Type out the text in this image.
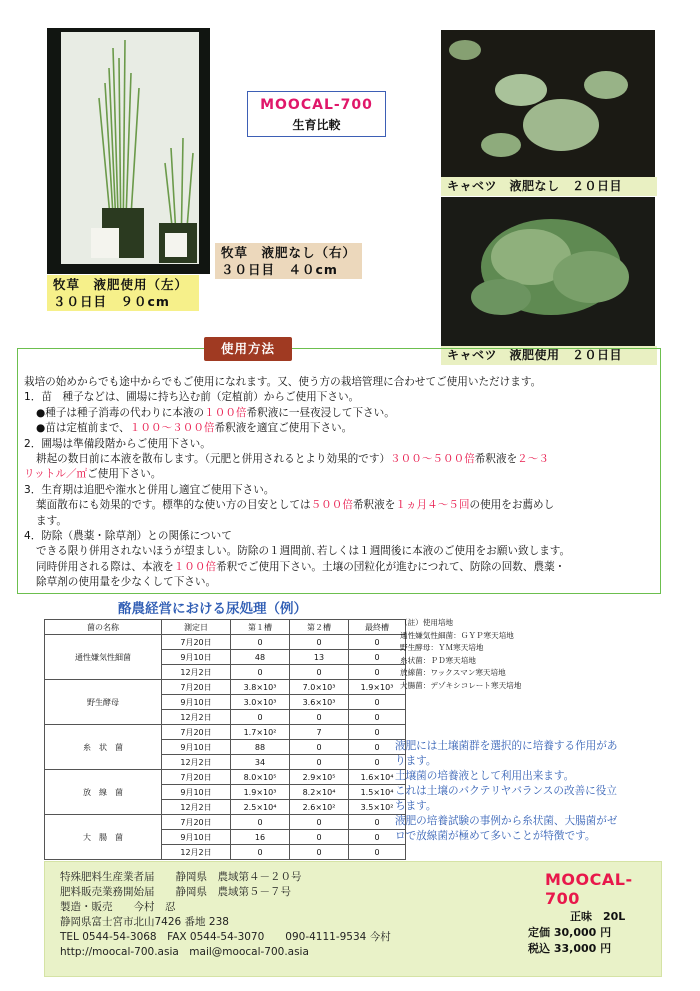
牧草　液肥なし（右）
３０日目　４０cm
牧草　液肥使用（左）
３０日目　９０cm
MOOCAL-700
生育比較
キャベツ　液肥なし　２０日目
キャベツ　液肥使用　２０日目
使用方法
栽培の始めからでも途中からでもご使用になれます。又、使う方の栽培管理に合わせてご使用いただけます。
1．苗　種子などは、圃場に持ち込む前（定植前）からご使用下さい。
●種子は種子消毒の代わりに本液の１００倍希釈液に一昼夜浸して下さい。
●苗は定植前まで、１００～３００倍希釈液を適宜ご使用下さい。
2．圃場は準備段階からご使用下さい。
耕起の数日前に本液を散布します。（元肥と併用されるとより効果的です）３００～５００倍希釈液を２～３
リットル／㎡ご使用下さい。
3．生育期は追肥や潅水と併用し適宜ご使用下さい。
葉面散布にも効果的です。標準的な使い方の目安としては５００倍希釈液を１ヵ月４～５回の使用をお薦めし
ます。
4．防除（農薬・除草剤）との関係について
できる限り併用されないほうが望ましい。防除の１週間前､若しくは１週間後に本液のご使用をお願い致します。
同時併用される際は、本液を１００倍希釈でご使用下さい。土壌の団粒化が進むにつれて、防除の回数、農薬・
除草剤の使用量を少なくして下さい。
酪農経営における尿処理（例）
菌の名称	測定日	第１槽	第２槽	最終槽
通性嫌気性細菌	7月20日	0	0	0
	9月10日	48	13	0
	12月2日	0	0	0
野生酵母	7月20日	3.8×10³	7.0×10³	1.9×10³
	9月10日	3.0×10³	3.6×10³	0
	12月2日	0	0	0
糸　状　菌	7月20日	1.7×10²	7	0
	9月10日	88	0	0
	12月2日	34	0	0
放　線　菌	7月20日	8.0×10⁵	2.9×10⁵	1.6×10⁴
	9月10日	1.9×10³	8.2×10⁴	1.5×10⁴
	12月2日	2.5×10⁴	2.6×10²	3.5×10²
大　腸　菌	7月20日	0	0	0
	9月10日	16	0	0
	12月2日	0	0	0
（註）使用培地
通性嫌気性細菌：ＧＹＰ寒天培地
野生酵母：ＹＭ寒天培地
糸状菌：ＰＤ寒天培地
放線菌：ワックスマン寒天培地
大腸菌：デゾキシコレート寒天培地
液肥には土壌菌群を選択的に培養する作用があ
ります。
土壌菌の培養液として利用出来ます。
これは土壌のバクテリヤバランスの改善に役立
ちます。
液肥の培養試験の事例から糸状菌、大腸菌がゼ
ロで放線菌が極めて多いことが特徴です。
特殊肥料生産業者届　　静岡県　農域第４－２０号
肥料販売業務開始届　　静岡県　農域第５－７号
製造・販売　　今村　忍
静岡県富士宮市北山7426 番地 238
TEL 0544-54-3068　FAX 0544-54-3070　　090-4111-9534 今村
http://moocal-700.asia　mail@moocal-700.asia
MOOCAL-700
正味　20L
定価 30,000 円
税込 33,000 円
